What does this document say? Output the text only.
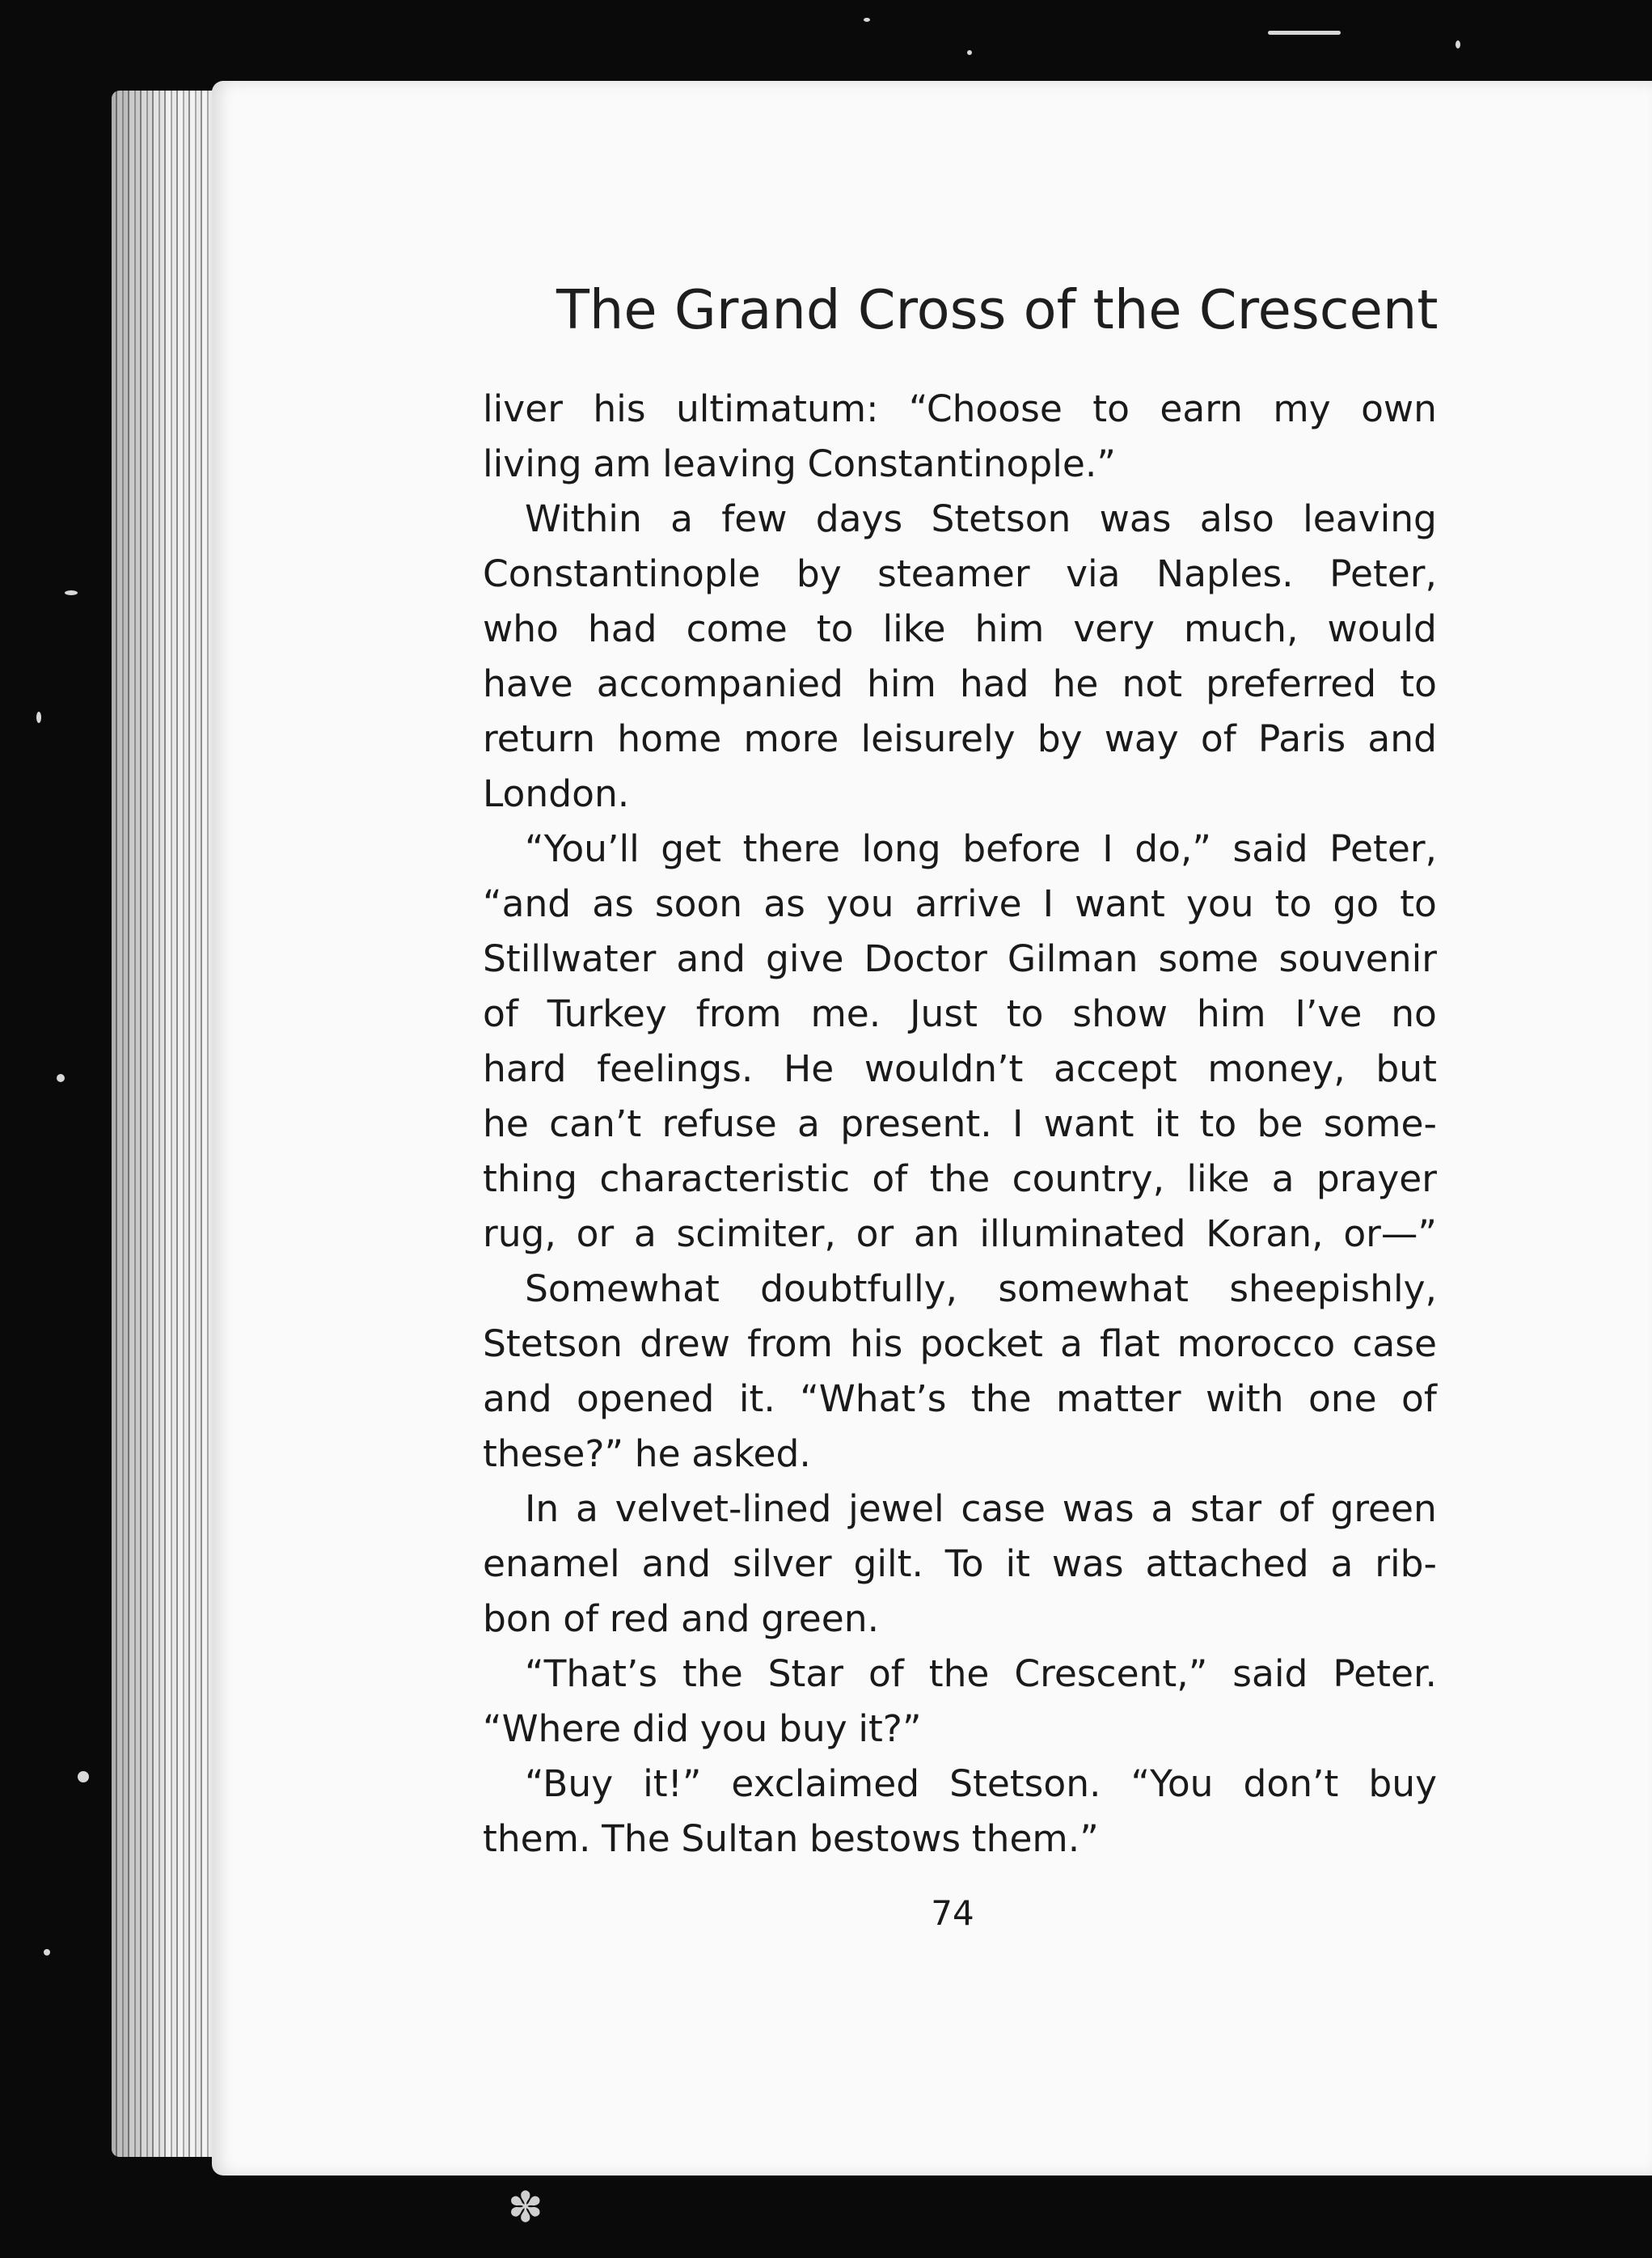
The Grand Cross of the Crescent
liver his ultimatum: “Choose to earn my own
living am leaving Constantinople.”
Within a few days Stetson was also leaving
Constantinople by steamer via Naples. Peter,
who had come to like him very much, would
have accompanied him had he not preferred to
return home more leisurely by way of Paris and
London.
“You’ll get there long before I do,” said Peter,
“and as soon as you arrive I want you to go to
Stillwater and give Doctor Gilman some souvenir
of Turkey from me. Just to show him I’ve no
hard feelings. He wouldn’t accept money, but
he can’t refuse a present. I want it to be some-
thing characteristic of the country, like a prayer
rug, or a scimiter, or an illuminated Koran, or—”
Somewhat doubtfully, somewhat sheepishly,
Stetson drew from his pocket a flat morocco case
and opened it. “What’s the matter with one of
these?” he asked.
In a velvet-lined jewel case was a star of green
enamel and silver gilt. To it was attached a rib-
bon of red and green.
“That’s the Star of the Crescent,” said Peter.
“Where did you buy it?”
“Buy it!” exclaimed Stetson. “You don’t buy
them. The Sultan bestows them.”
74
✽
